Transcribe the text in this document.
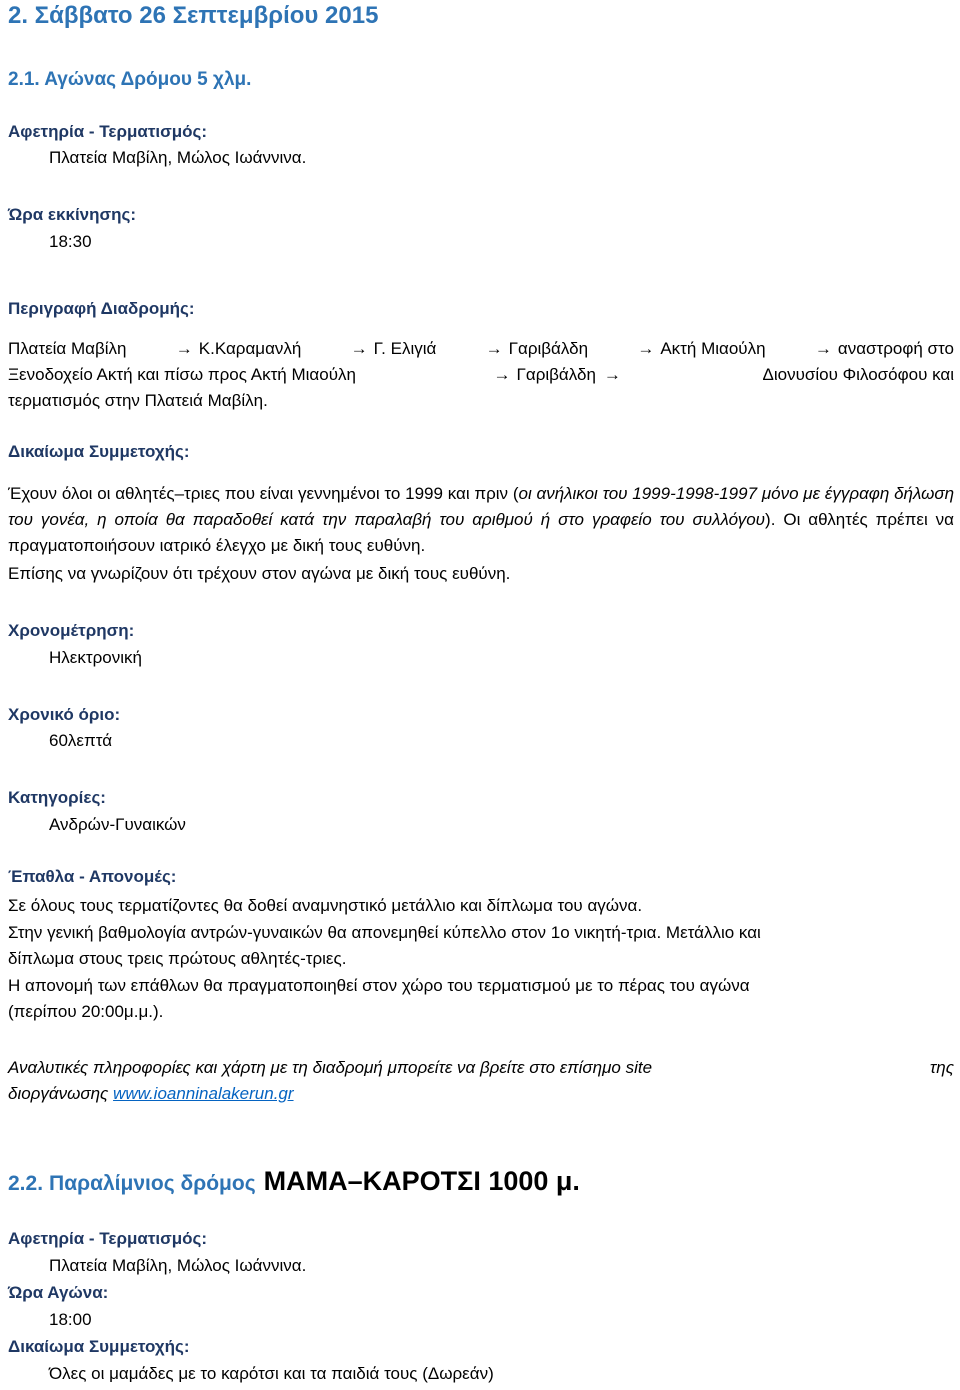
2. Σάββατο 26 Σεπτεμβρίου 2015
2.1. Αγώνας Δρόμου 5 χλμ.
Αφετηρία - Τερματισμός:
Πλατεία Μαβίλη, Μώλος Ιωάννινα.
Ώρα εκκίνησης:
18:30
Περιγραφή Διαδρομής:
Πλατεία Μαβίλη	→ Κ.Καραμανλή	→ Γ. Ελιγιά	→ Γαριβάλδη	→ Ακτή Μιαούλη	→ αναστροφή στο
Ξενοδοχείο Ακτή και πίσω προς Ακτή Μιαούλη	→ Γαριβάλδη →	Διονυσίου Φιλοσόφου και
τερματισμός στην Πλατειά Μαβίλη.
Δικαίωμα Συμμετοχής:
Έχουν όλοι οι αθλητές–τριες που είναι γεννημένοι το 1999 και πριν (οι ανήλικοι του 1999-1998-1997 μόνο με έγγραφη δήλωση του γονέα, η οποία θα παραδοθεί κατά την παραλαβή του αριθμού ή στο γραφείο του συλλόγου). Οι αθλητές πρέπει να πραγματοποιήσουν ιατρικό έλεγχο με δική τους ευθύνη.
Επίσης να γνωρίζουν ότι τρέχουν στον αγώνα με δική τους ευθύνη.
Χρονομέτρηση:
Ηλεκτρονική
Χρονικό όριο:
60λεπτά
Κατηγορίες:
Ανδρών-Γυναικών
Έπαθλα - Απονομές:
Σε όλους τους τερματίζοντες θα δοθεί αναμνηστικό μετάλλιο και δίπλωμα του αγώνα.
Στην γενική βαθμολογία αντρών-γυναικών θα απονεμηθεί κύπελλο στον 1ο νικητή-τρια. Μετάλλιο και
δίπλωμα στους τρεις πρώτους αθλητές-τριες.
Η απονομή των επάθλων θα πραγματοποιηθεί στον χώρο του τερματισμού με το πέρας του αγώνα
(περίπου 20:00μ.μ.).
Αναλυτικές πληροφορίες και χάρτη με τη διαδρομή μπορείτε να βρείτε στο επίσημο site	της
διοργάνωσης www.ioanninalakerun.gr
2.2. Παραλίμνιος δρόμος ΜΑΜΑ–ΚΑΡΟΤΣΙ 1000 μ.
Αφετηρία - Τερματισμός:
Πλατεία Μαβίλη, Μώλος Ιωάννινα.
Ώρα Αγώνα:
18:00
Δικαίωμα Συμμετοχής:
Όλες οι μαμάδες με το καρότσι και τα παιδιά τους (Δωρεάν)
